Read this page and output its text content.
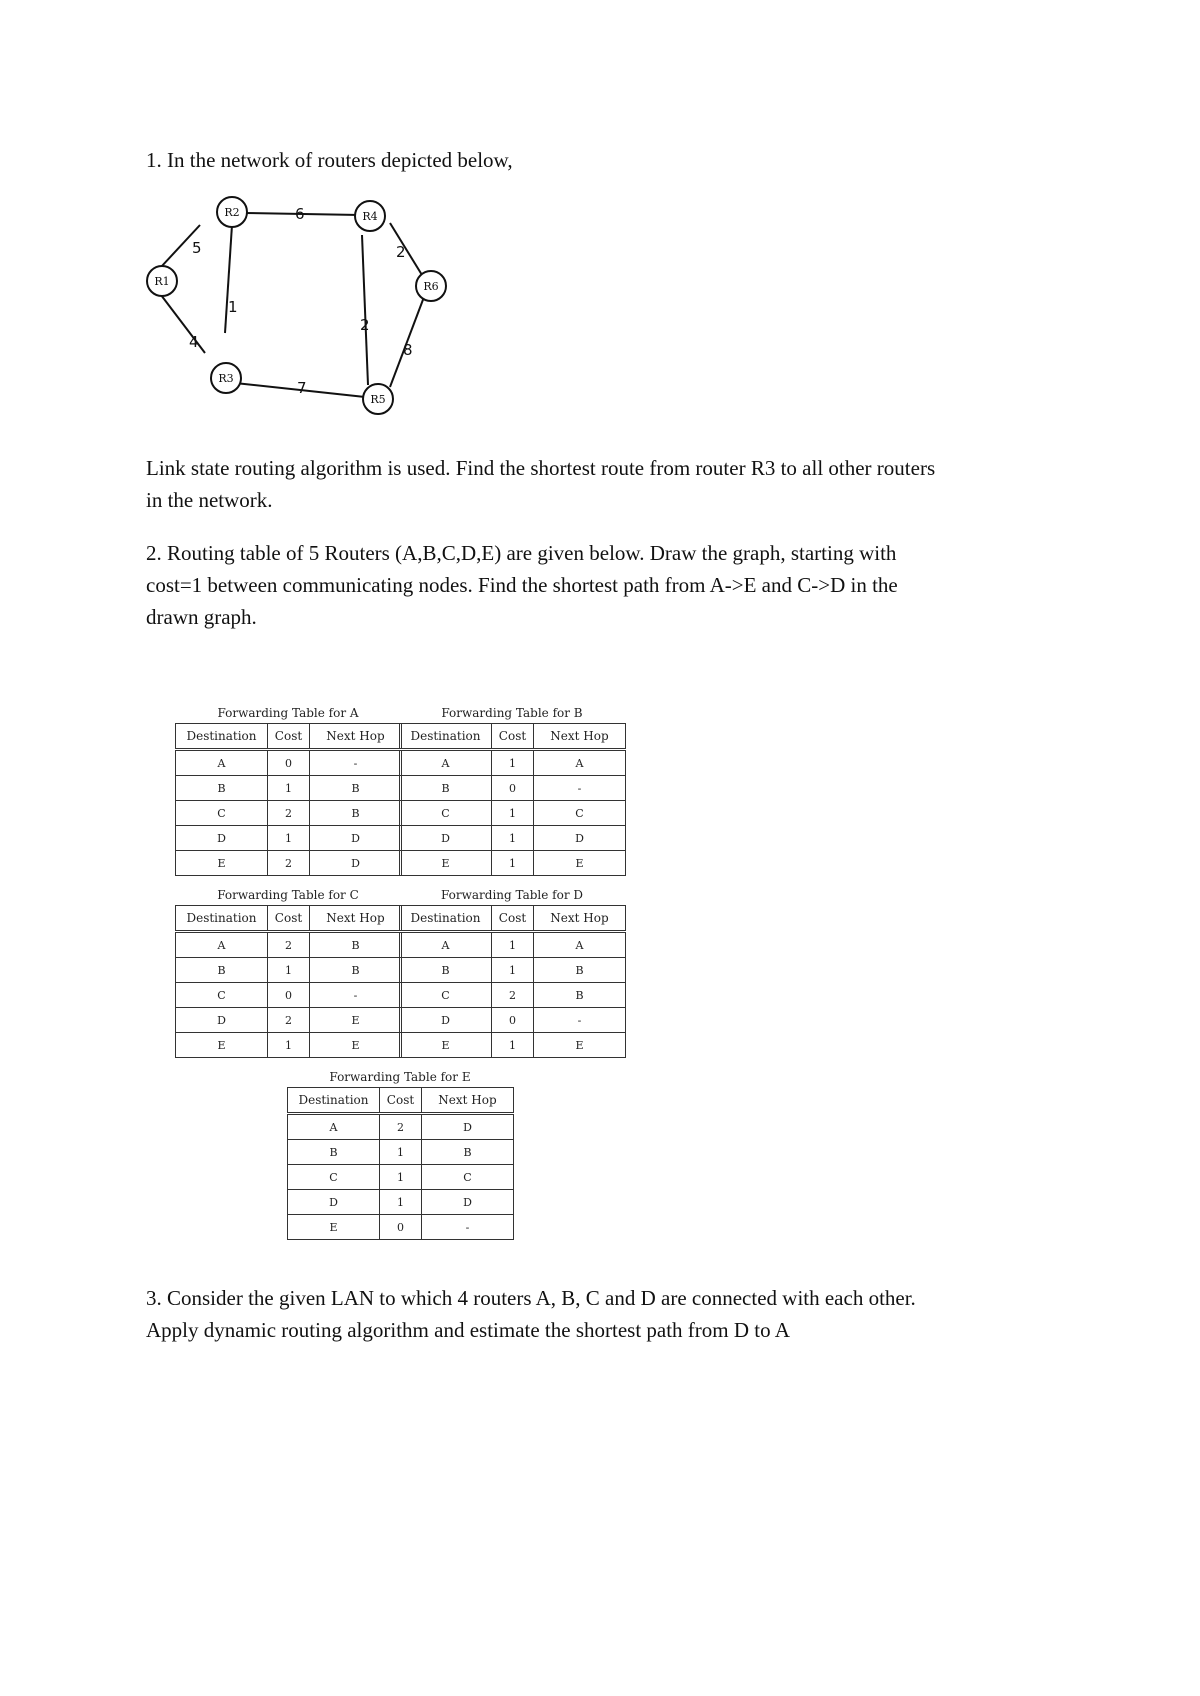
1. In the network of routers depicted below,
5
4
1
6
7
2
2
8
R1
R2
R3
R4
R5
R6
Link state routing algorithm is used. Find the shortest route from router R3 to all other routers
in the network.
2. Routing table of 5 Routers (A,B,C,D,E) are given below. Draw the graph, starting with
cost=1 between communicating nodes. Find the shortest path from A->E and C->D in the
drawn graph.
Forwarding Table for A
Destination	Cost	Next Hop
A	0	-
B	1	B
C	2	B
D	1	D
E	2	D
Forwarding Table for B
Destination	Cost	Next Hop
A	1	A
B	0	-
C	1	C
D	1	D
E	1	E
Forwarding Table for C
Destination	Cost	Next Hop
A	2	B
B	1	B
C	0	-
D	2	E
E	1	E
Forwarding Table for D
Destination	Cost	Next Hop
A	1	A
B	1	B
C	2	B
D	0	-
E	1	E
Forwarding Table for E
Destination	Cost	Next Hop
A	2	D
B	1	B
C	1	C
D	1	D
E	0	-
3. Consider the given LAN to which 4 routers A, B, C and D are connected with each other.
Apply dynamic routing algorithm and estimate the shortest path from D to A
